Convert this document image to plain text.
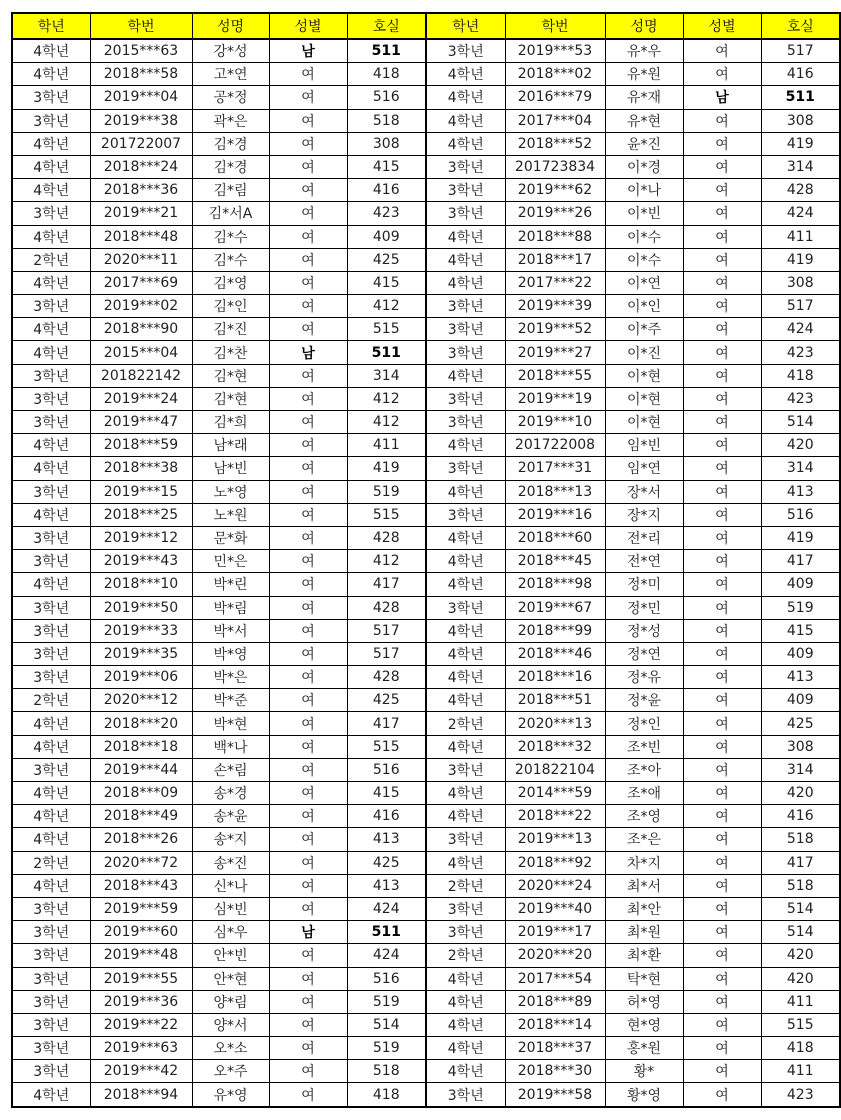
학년	학번	성명	성별	호실	학년	학번	성명	성별	호실
4학년	2015***63	강*성	남	511	3학년	2019***53	유*우	여	517
4학년	2018***58	고*연	여	418	4학년	2018***02	유*원	여	416
3학년	2019***04	공*정	여	516	4학년	2016***79	유*재	남	511
3학년	2019***38	곽*은	여	518	4학년	2017***04	유*현	여	308
4학년	201722007	김*경	여	308	4학년	2018***52	윤*진	여	419
4학년	2018***24	김*경	여	415	3학년	201723834	이*경	여	314
4학년	2018***36	김*림	여	416	3학년	2019***62	이*나	여	428
3학년	2019***21	김*서A	여	423	3학년	2019***26	이*빈	여	424
4학년	2018***48	김*수	여	409	4학년	2018***88	이*수	여	411
2학년	2020***11	김*수	여	425	4학년	2018***17	이*수	여	419
4학년	2017***69	김*영	여	415	4학년	2017***22	이*연	여	308
3학년	2019***02	김*인	여	412	3학년	2019***39	이*인	여	517
4학년	2018***90	김*진	여	515	3학년	2019***52	이*주	여	424
4학년	2015***04	김*찬	남	511	3학년	2019***27	이*진	여	423
3학년	201822142	김*현	여	314	4학년	2018***55	이*현	여	418
3학년	2019***24	김*현	여	412	3학년	2019***19	이*현	여	423
3학년	2019***47	김*희	여	412	3학년	2019***10	이*현	여	514
4학년	2018***59	남*래	여	411	4학년	201722008	임*빈	여	420
4학년	2018***38	남*빈	여	419	3학년	2017***31	임*연	여	314
3학년	2019***15	노*영	여	519	4학년	2018***13	장*서	여	413
4학년	2018***25	노*원	여	515	3학년	2019***16	장*지	여	516
3학년	2019***12	문*화	여	428	4학년	2018***60	전*리	여	419
3학년	2019***43	민*은	여	412	4학년	2018***45	전*연	여	417
4학년	2018***10	박*린	여	417	4학년	2018***98	정*미	여	409
3학년	2019***50	박*림	여	428	3학년	2019***67	정*민	여	519
3학년	2019***33	박*서	여	517	4학년	2018***99	정*성	여	415
3학년	2019***35	박*영	여	517	4학년	2018***46	정*연	여	409
3학년	2019***06	박*은	여	428	4학년	2018***16	정*유	여	413
2학년	2020***12	박*준	여	425	4학년	2018***51	정*윤	여	409
4학년	2018***20	박*현	여	417	2학년	2020***13	정*인	여	425
4학년	2018***18	백*나	여	515	4학년	2018***32	조*빈	여	308
3학년	2019***44	손*림	여	516	3학년	201822104	조*아	여	314
4학년	2018***09	송*경	여	415	4학년	2014***59	조*애	여	420
4학년	2018***49	송*윤	여	416	4학년	2018***22	조*영	여	416
4학년	2018***26	송*지	여	413	3학년	2019***13	조*은	여	518
2학년	2020***72	송*진	여	425	4학년	2018***92	차*지	여	417
4학년	2018***43	신*나	여	413	2학년	2020***24	최*서	여	518
3학년	2019***59	심*빈	여	424	3학년	2019***40	최*안	여	514
3학년	2019***60	심*우	남	511	3학년	2019***17	최*원	여	514
3학년	2019***48	안*빈	여	424	2학년	2020***20	최*환	여	420
3학년	2019***55	안*현	여	516	4학년	2017***54	탁*현	여	420
3학년	2019***36	양*림	여	519	4학년	2018***89	허*영	여	411
3학년	2019***22	양*서	여	514	4학년	2018***14	현*영	여	515
3학년	2019***63	오*소	여	519	4학년	2018***37	홍*원	여	418
3학년	2019***42	오*주	여	518	4학년	2018***30	황*	여	411
4학년	2018***94	유*영	여	418	3학년	2019***58	황*영	여	423
